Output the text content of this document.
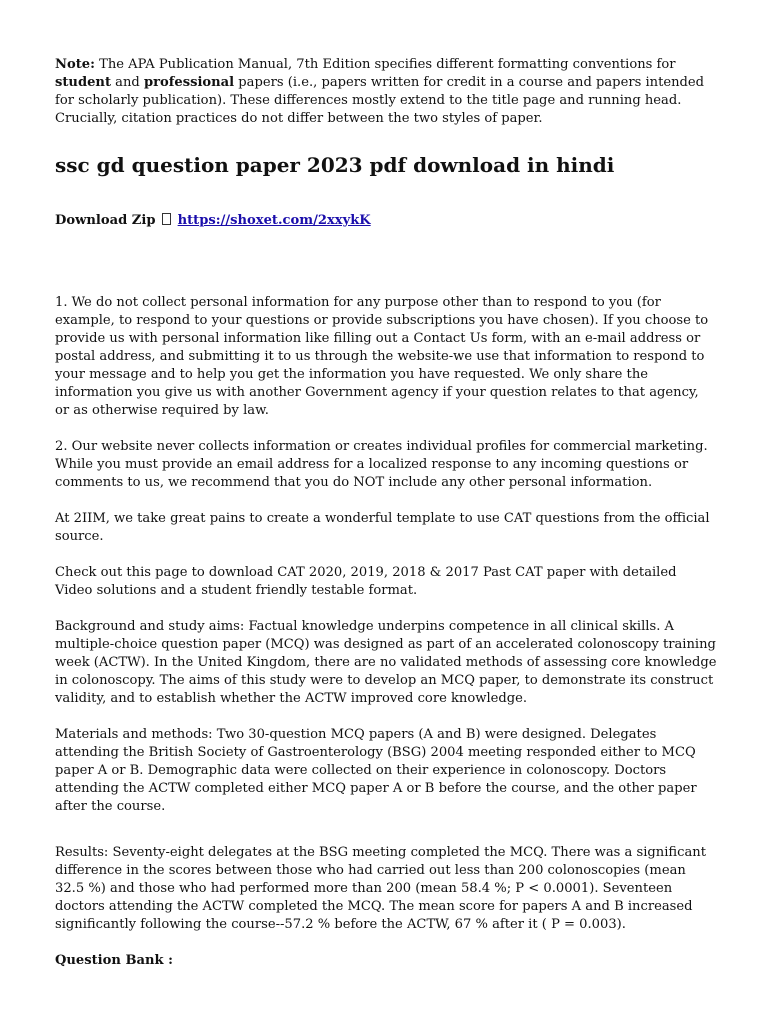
Note: The APA Publication Manual, 7th Edition specifies different formatting conventions for student and professional papers (i.e., papers written for credit in a course and papers intended for scholarly publication). These differences mostly extend to the title page and running head. Crucially, citation practices do not differ between the two styles of paper.

ssc gd question paper 2023 pdf download in hindi

Download Zip https://shoxet.com/2xxykK

1. We do not collect personal information for any purpose other than to respond to you (for example, to respond to your questions or provide subscriptions you have chosen). If you choose to provide us with personal information like filling out a Contact Us form, with an e-mail address or postal address, and submitting it to us through the website-we use that information to respond to your message and to help you get the information you have requested. We only share the information you give us with another Government agency if your question relates to that agency, or as otherwise required by law.

2. Our website never collects information or creates individual profiles for commercial marketing. While you must provide an email address for a localized response to any incoming questions or comments to us, we recommend that you do NOT include any other personal information.

At 2IIM, we take great pains to create a wonderful template to use CAT questions from the official source.

Check out this page to download CAT 2020, 2019, 2018 & 2017 Past CAT paper with detailed Video solutions and a student friendly testable format.

Background and study aims: Factual knowledge underpins competence in all clinical skills. A multiple-choice question paper (MCQ) was designed as part of an accelerated colonoscopy training week (ACTW). In the United Kingdom, there are no validated methods of assessing core knowledge in colonoscopy. The aims of this study were to develop an MCQ paper, to demonstrate its construct validity, and to establish whether the ACTW improved core knowledge.

Materials and methods: Two 30-question MCQ papers (A and B) were designed. Delegates attending the British Society of Gastroenterology (BSG) 2004 meeting responded either to MCQ paper A or B. Demographic data were collected on their experience in colonoscopy. Doctors attending the ACTW completed either MCQ paper A or B before the course, and the other paper after the course.

Results: Seventy-eight delegates at the BSG meeting completed the MCQ. There was a significant difference in the scores between those who had carried out less than 200 colonoscopies (mean 32.5 %) and those who had performed more than 200 (mean 58.4 %; P < 0.0001). Seventeen doctors attending the ACTW completed the MCQ. The mean score for papers A and B increased significantly following the course--57.2 % before the ACTW, 67 % after it ( P = 0.003).

Question Bank :
